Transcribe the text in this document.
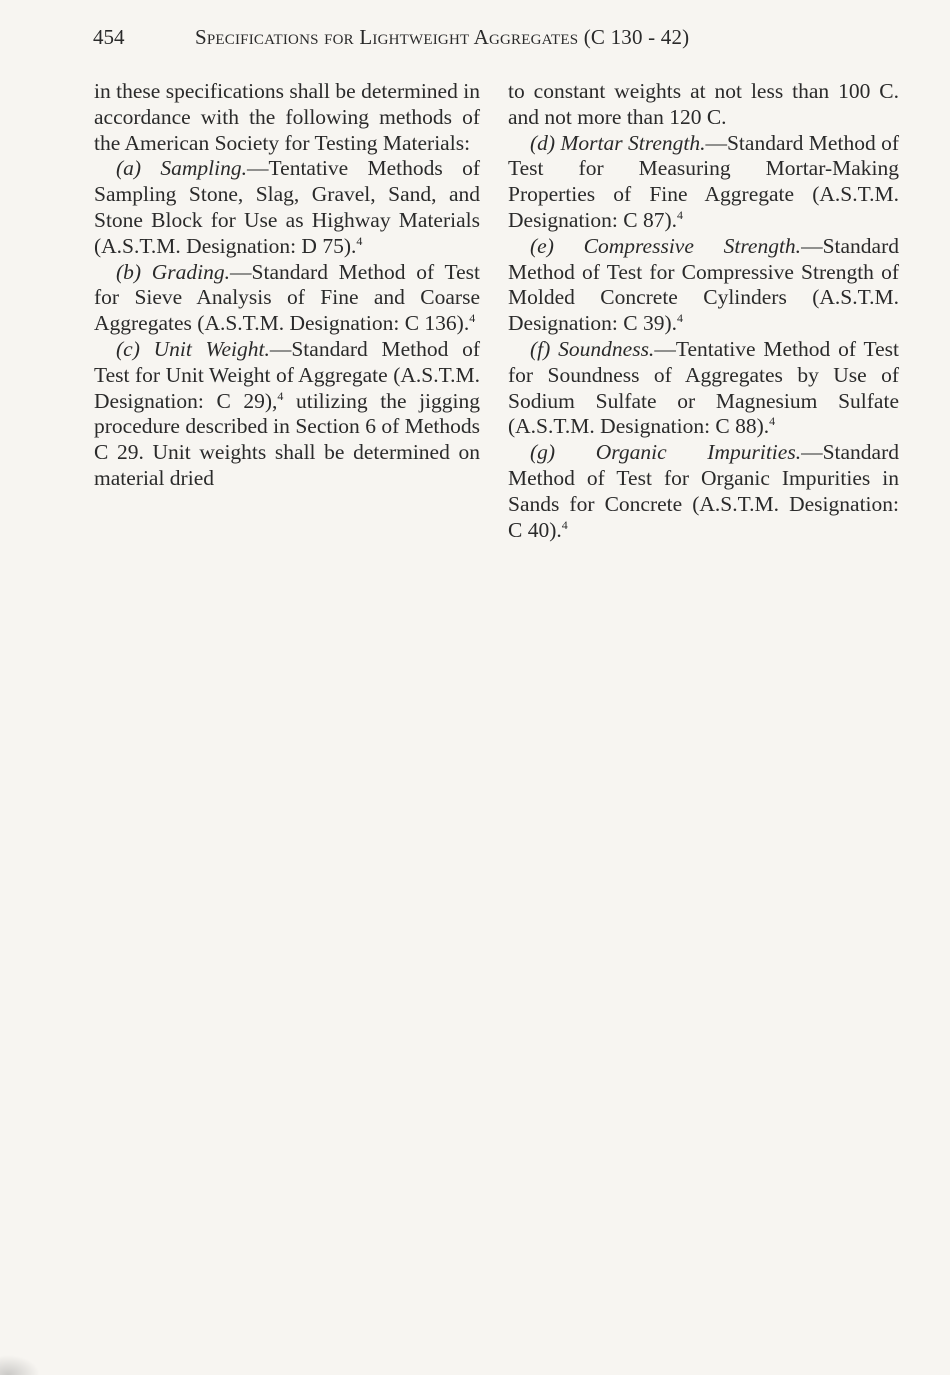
454	Specifications for Lightweight Aggregates (C 130 - 42)

in these specifications shall be determined in accordance with the following methods of the American Society for Testing Materials:

(a) Sampling.—Tentative Methods of Sampling Stone, Slag, Gravel, Sand, and Stone Block for Use as Highway Materials (A.S.T.M. Designation: D 75).$^4$

(b) Grading.—Standard Method of Test for Sieve Analysis of Fine and Coarse Aggregates (A.S.T.M. Designation: C 136).$^4$

(c) Unit Weight.—Standard Method of Test for Unit Weight of Aggregate (A.S.T.M. Designation: C 29),$^4$ utilizing the jigging procedure described in Section 6 of Methods C 29. Unit weights shall be determined on material dried

to constant weights at not less than 100 C. and not more than 120 C.

(d) Mortar Strength.—Standard Method of Test for Measuring Mortar-Making Properties of Fine Aggregate (A.S.T.M. Designation: C 87).$^4$

(e) Compressive Strength.—Standard Method of Test for Compressive Strength of Molded Concrete Cylinders (A.S.T.M. Designation: C 39).$^4$

(f) Soundness.—Tentative Method of Test for Soundness of Aggregates by Use of Sodium Sulfate or Magnesium Sulfate (A.S.T.M. Designation: C 88).$^4$

(g) Organic Impurities.—Standard Method of Test for Organic Impurities in Sands for Concrete (A.S.T.M. Designation: C 40).$^4$
